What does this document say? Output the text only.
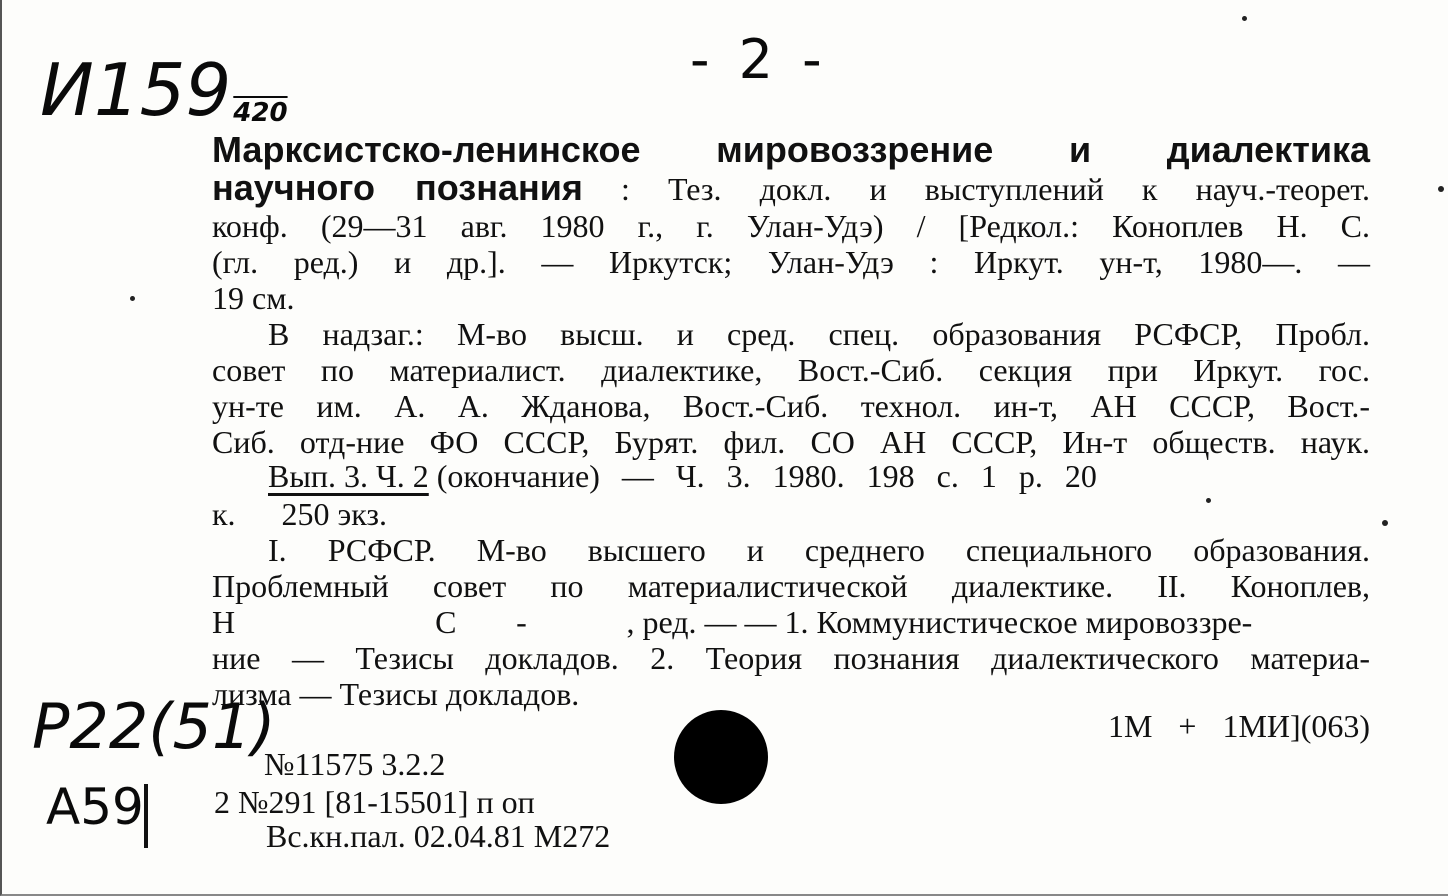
- 2 -
И159420
Марксистско-ленинское мировоззрение и диалектика
научного познания : Тез. докл. и выступлений к науч.-теорет.
конф. (29—31 авг. 1980 г., г. Улан-Удэ) / [Редкол.: Коноплев Н. С.
(гл. ред.) и др.]. — Иркутск; Улан-Удэ : Иркут. ун-т, 1980—. —
19 см.
В надзаг.: М-во высш. и сред. спец. образования РСФСР, Пробл.
совет по материалист. диалектике, Вост.-Сиб. секция при Иркут. гос.
ун-те им. А. А. Жданова, Вост.-Сиб. технол. ин-т, АН СССР, Вост.-
Сиб. отд-ние ФО СССР, Бурят. фил. СО АН СССР, Ин-т обществ. наук.
Вып. 3. Ч. 2 (окончание) — Ч. 3. 1980. 198 с. 1 р. 20
к. 250 экз.
I. РСФСР. М-во высшего и среднего специального образования.
Проблемный совет по материалистической диалектике. II. Коноплев,
Н	С -	, ред. — — 1. Коммунистическое мировоззре-
ние — Тезисы докладов. 2. Теория познания диалектического материа-
лизма — Тезисы докладов.
1M + 1МИ](063)
Р22(51)
А59
№11575 3.2.2
2 №291 [81-15501] п оп
Вс.кн.пал. 02.04.81 М272
